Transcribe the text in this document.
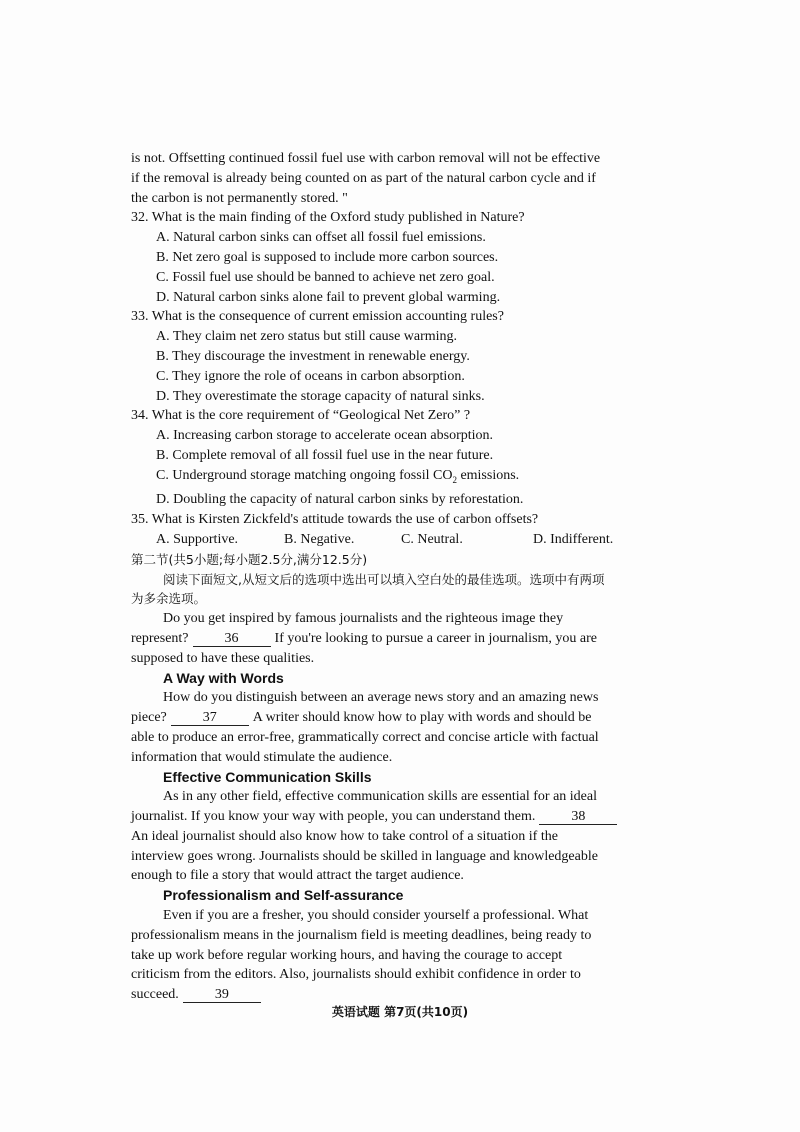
is not. Offsetting continued fossil fuel use with carbon removal will not be effective
if the removal is already being counted on as part of the natural carbon cycle and if
the carbon is not permanently stored. "
32. What is the main finding of the Oxford study published in Nature?
A. Natural carbon sinks can offset all fossil fuel emissions.
B. Net zero goal is supposed to include more carbon sources.
C. Fossil fuel use should be banned to achieve net zero goal.
D. Natural carbon sinks alone fail to prevent global warming.
33. What is the consequence of current emission accounting rules?
A. They claim net zero status but still cause warming.
B. They discourage the investment in renewable energy.
C. They ignore the role of oceans in carbon absorption.
D. They overestimate the storage capacity of natural sinks.
34. What is the core requirement of “Geological Net Zero” ?
A. Increasing carbon storage to accelerate ocean absorption.
B. Complete removal of all fossil fuel use in the near future.
C. Underground storage matching ongoing fossil $CO_2$ emissions.
D. Doubling the capacity of natural carbon sinks by reforestation.
35. What is Kirsten Zickfeld's attitude towards the use of carbon offsets?
A. Supportive.	B. Negative.	C. Neutral.	D. Indifferent.
第二节(共5小题;每小题2.5分,满分12.5分)
阅读下面短文,从短文后的选项中选出可以填入空白处的最佳选项。选项中有两项
为多余选项。
Do you get inspired by famous journalists and the righteous image they
represent?	36	If you're looking to pursue a career in journalism, you are
supposed to have these qualities.
A Way with Words
How do you distinguish between an average news story and an amazing news
piece?	37	A writer should know how to play with words and should be
able to produce an error-free, grammatically correct and concise article with factual
information that would stimulate the audience.
Effective Communication Skills
As in any other field, effective communication skills are essential for an ideal
journalist. If you know your way with people, you can understand them.	38
An ideal journalist should also know how to take control of a situation if the
interview goes wrong. Journalists should be skilled in language and knowledgeable
enough to file a story that would attract the target audience.
Professionalism and Self-assurance
Even if you are a fresher, you should consider yourself a professional. What
professionalism means in the journalism field is meeting deadlines, being ready to
take up work before regular working hours, and having the courage to accept
criticism from the editors. Also, journalists should exhibit confidence in order to
succeed.	39
英语试题 第7页(共10页)
